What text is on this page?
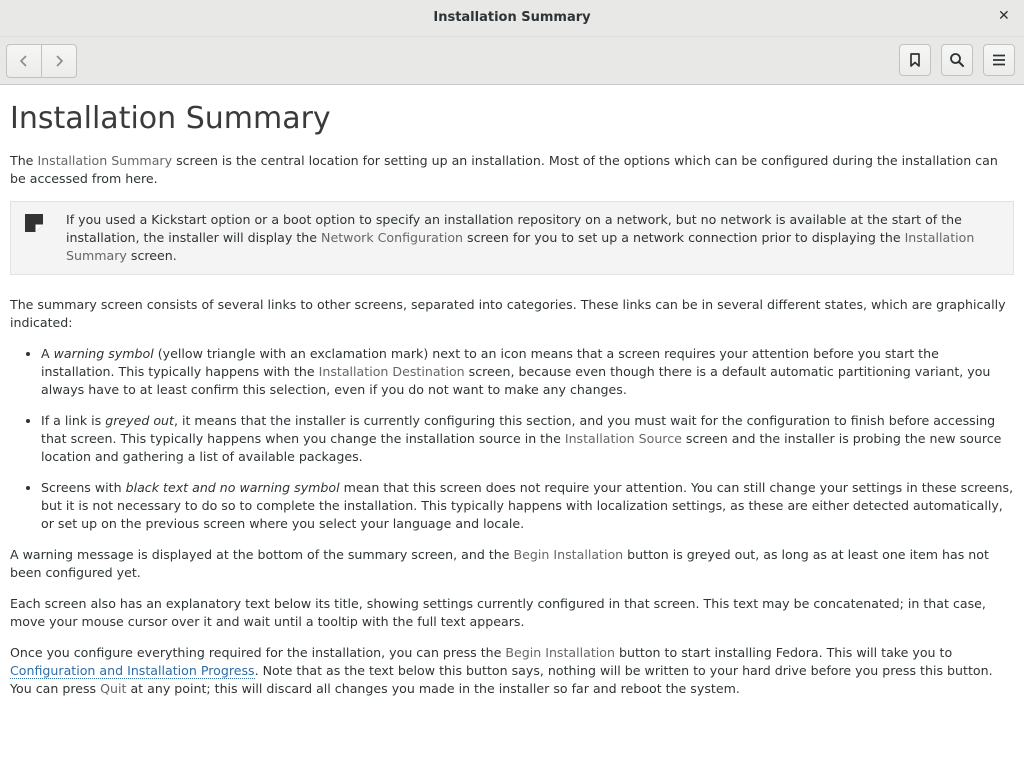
Installation Summary	✕
Installation Summary

The Installation Summary screen is the central location for setting up an installation. Most of the options which can be configured during the installation can be accessed from here.

If you used a Kickstart option or a boot option to specify an installation repository on a network, but no network is available at the start of the installation, the installer will display the Network Configuration screen for you to set up a network connection prior to displaying the Installation Summary screen.

The summary screen consists of several links to other screens, separated into categories. These links can be in several different states, which are graphically indicated:

• A warning symbol (yellow triangle with an exclamation mark) next to an icon means that a screen requires your attention before you start the installation. This typically happens with the Installation Destination screen, because even though there is a default automatic partitioning variant, you always have to at least confirm this selection, even if you do not want to make any changes.
• If a link is greyed out, it means that the installer is currently configuring this section, and you must wait for the configuration to finish before accessing that screen. This typically happens when you change the installation source in the Installation Source screen and the installer is probing the new source location and gathering a list of available packages.
• Screens with black text and no warning symbol mean that this screen does not require your attention. You can still change your settings in these screens, but it is not necessary to do so to complete the installation. This typically happens with localization settings, as these are either detected automatically, or set up on the previous screen where you select your language and locale.

A warning message is displayed at the bottom of the summary screen, and the Begin Installation button is greyed out, as long as at least one item has not been configured yet.

Each screen also has an explanatory text below its title, showing settings currently configured in that screen. This text may be concatenated; in that case, move your mouse cursor over it and wait until a tooltip with the full text appears.

Once you configure everything required for the installation, you can press the Begin Installation button to start installing Fedora. This will take you to Configuration and Installation Progress. Note that as the text below this button says, nothing will be written to your hard drive before you press this button. You can press Quit at any point; this will discard all changes you made in the installer so far and reboot the system.
